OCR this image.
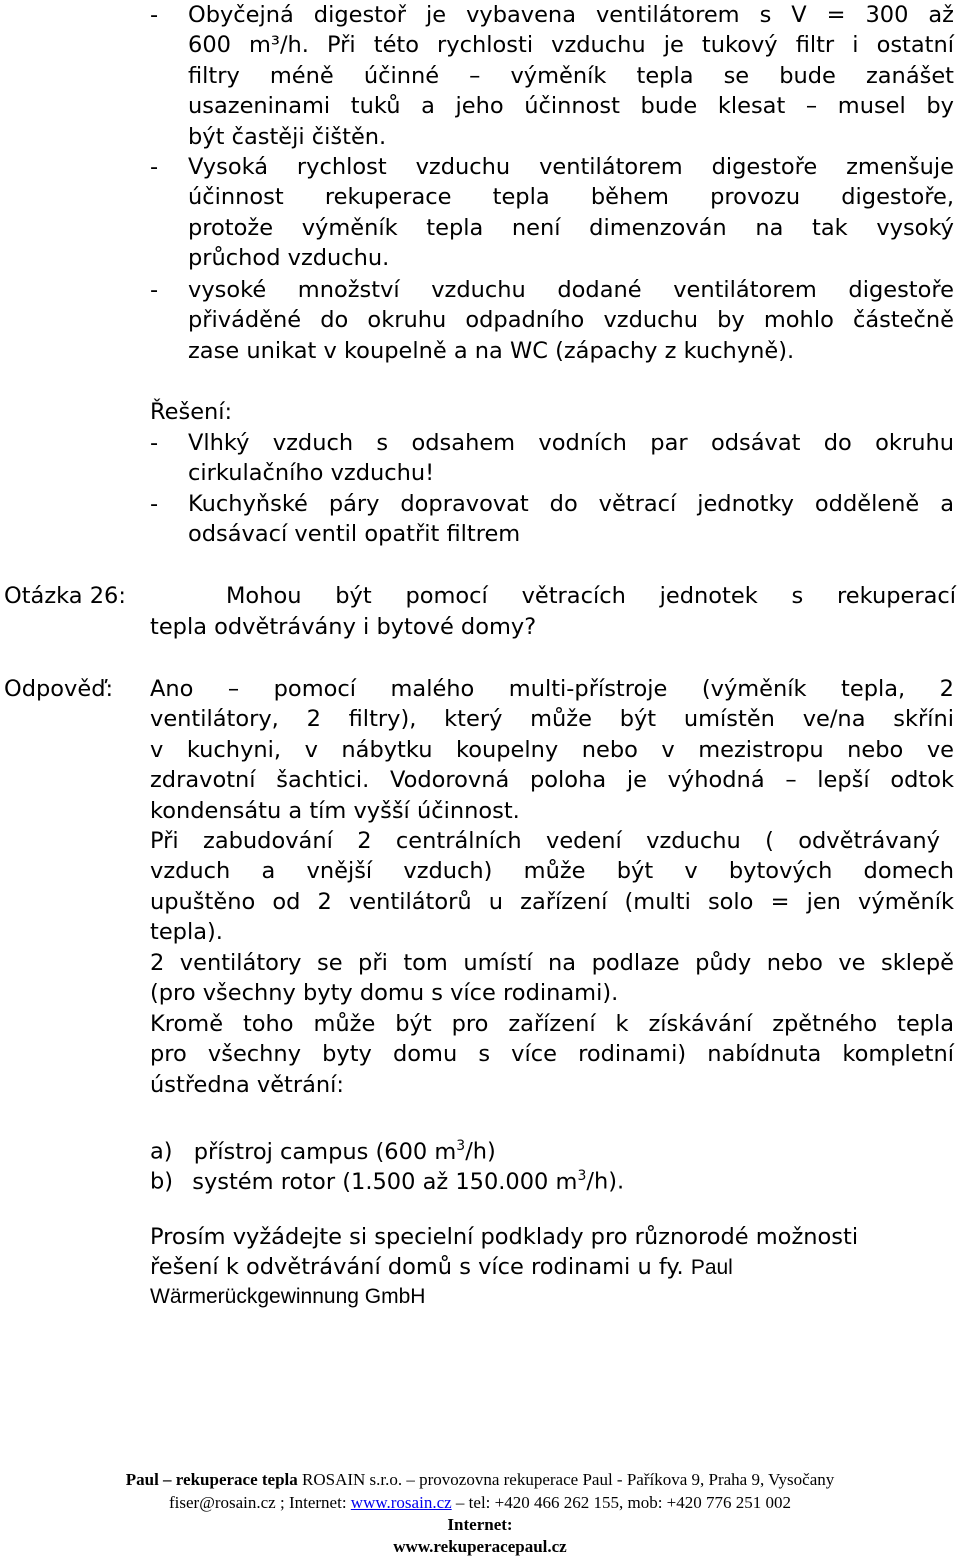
- Obyčejná digestoř je vybavena ventilátorem s V = 300 až
600 m³/h. Při této rychlosti vzduchu je tukový filtr i ostatní
filtry méně účinné – výměník tepla se bude zanášet
usazeninami tuků a jeho účinnost bude klesat – musel by
být častěji čištěn.
- Vysoká rychlost vzduchu ventilátorem digestoře zmenšuje
účinnost rekuperace tepla během provozu digestoře,
protože výměník tepla není dimenzován na tak vysoký
průchod vzduchu.
- vysoké množství vzduchu dodané ventilátorem digestoře
přiváděné do okruhu odpadního vzduchu by mohlo částečně
zase unikat v koupelně a na WC (zápachy z kuchyně).
Řešení:
- Vlhký vzduch s odsahem vodních par odsávat do okruhu
cirkulačního vzduchu!
- Kuchyňské páry dopravovat do větrací jednotky odděleně a
odsávací ventil opatřit filtrem
Otázka 26:	Mohou být pomocí větracích jednotek s rekuperací
tepla odvětrávány i bytové domy?
Odpověď: Ano – pomocí malého multi-přístroje (výměník tepla, 2
ventilátory, 2 filtry), který může být umístěn ve/na skříni
v kuchyni, v nábytku koupelny nebo v mezistropu nebo ve
zdravotní šachtici. Vodorovná poloha je výhodná – lepší odtok
kondensátu a tím vyšší účinnost.
Při zabudování 2 centrálních vedení vzduchu ( odvětrávaný
vzduch a vnější vzduch) může být v bytových domech
upuštěno od 2 ventilátorů u zařízení (multi solo = jen výměník
tepla).
2 ventilátory se při tom umístí na podlaze půdy nebo ve sklepě
(pro všechny byty domu s více rodinami).
Kromě toho může být pro zařízení k získávání zpětného tepla
pro všechny byty domu s více rodinami) nabídnuta kompletní
ústředna větrání:
a) přístroj campus (600 $m^3/h$)
b) systém rotor (1.500 až 150.000 $m^3/h$).
Prosím vyžádejte si specielní podklady pro různorodé možnosti
řešení k odvětrávání domů s více rodinami u fy. Paul
Wärmerückgewinnung GmbH
Paul – rekuperace tepla ROSAIN s.r.o. – provozovna rekuperace Paul - Paříkova 9, Praha 9, Vysočany
fiser@rosain.cz ; Internet: www.rosain.cz – tel: +420 466 262 155, mob: +420 776 251 002
Internet:
www.rekuperacepaul.cz
